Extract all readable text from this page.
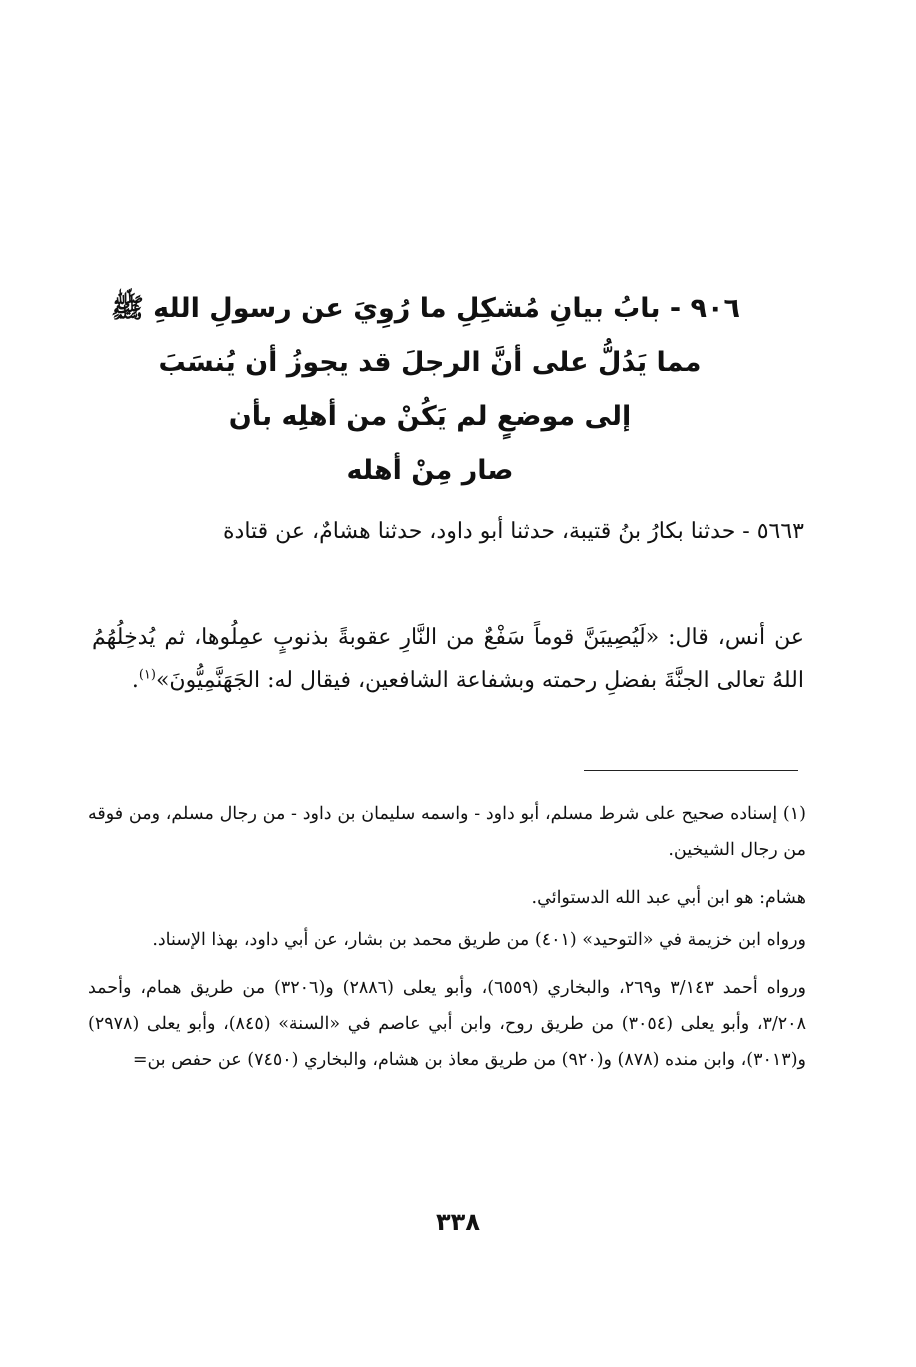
٩٠٦ - بابُ بيانِ مُشكِلِ ما رُوِيَ عن رسولِ اللهِ ﷺ
مما يَدُلُّ على أنَّ الرجلَ قد يجوزُ أن يُنسَبَ
إلى موضعٍ لم يَكُنْ من أهلِه بأن
صار مِنْ أهله
٥٦٦٣ - حدثنا بكارُ بنُ قتيبة، حدثنا أبو داود، حدثنا هشامٌ، عن قتادة
عن أنس، قال: «لَيُصِيبَنَّ قوماً سَفْعٌ من النَّارِ عقوبةً بذنوبٍ عمِلُوها، ثم يُدخِلُهُمُ اللهُ تعالى الجنَّةَ بفضلِ رحمته وبشفاعة الشافعين، فيقال له: الجَهَنَّمِيُّونَ»$^{(١)}$.

(١) إسناده صحيح على شرط مسلم، أبو داود - واسمه سليمان بن داود - من رجال مسلم، ومن فوقه من رجال الشيخين.

هشام: هو ابن أبي عبد الله الدستوائي.

ورواه ابن خزيمة في «التوحيد» (٤٠١) من طريق محمد بن بشار، عن أبي داود، بهذا الإسناد.

ورواه أحمد ٣/١٤٣ و٢٦٩، والبخاري (٦٥٥٩)، وأبو يعلى (٢٨٨٦) و(٣٢٠٦) من طريق همام، وأحمد ٣/٢٠٨، وأبو يعلى (٣٠٥٤) من طريق روح، وابن أبي عاصم في «السنة» (٨٤٥)، وأبو يعلى (٢٩٧٨) و(٣٠١٣)، وابن منده (٨٧٨) و(٩٢٠) من طريق معاذ بن هشام، والبخاري (٧٤٥٠) عن حفص بن=

٣٣٨
